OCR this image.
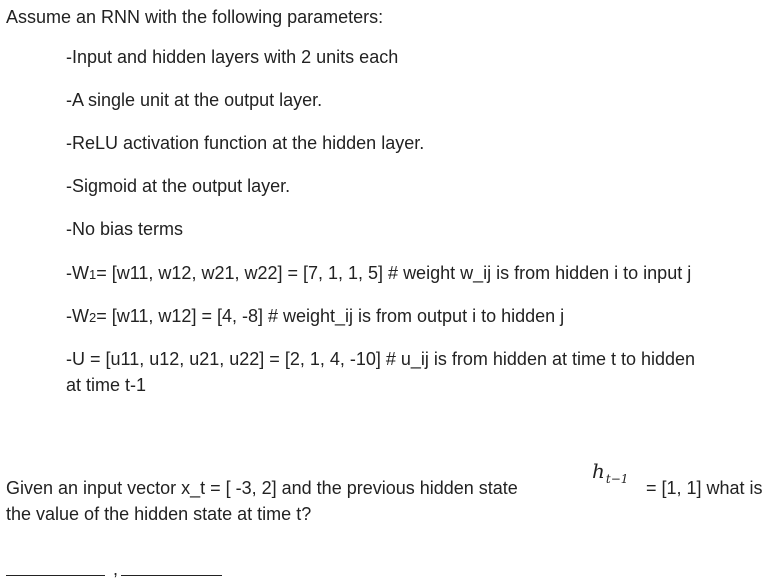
Assume an RNN with the following parameters:
-Input and hidden layers with 2 units each
-A single unit at the output layer.
-ReLU activation function at the hidden layer.
-Sigmoid at the output layer.
-No bias terms
-W1= [w11, w12, w21, w22] = [7, 1, 1, 5] # weight w_ij is from hidden i to input j
-W2= [w11, w12] = [4, -8] # weight_ij is from output i to hidden j
-U = [u11, u12, u21, u22] = [2, 1, 4, -10] # u_ij is from hidden at time t to hidden
at time t-1
Given an input vector x_t = [ -3, 2] and the previous hidden state
$h_{t-1} = [1$, 1] what is
the value of the hidden state at time t?
,
